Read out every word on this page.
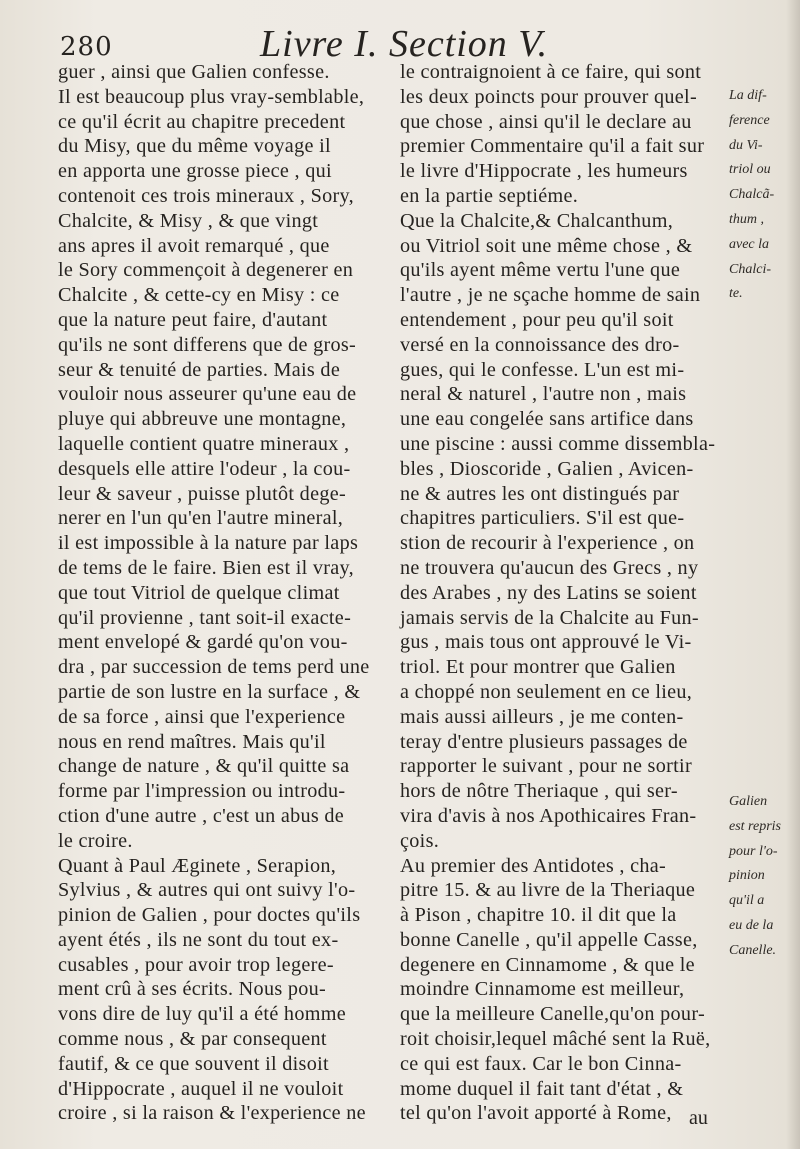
280	Livre I. Section V.
guer , ainsi que Galien confesse.
Il est beaucoup plus vray-semblable,
ce qu'il écrit au chapitre precedent
du Misy, que du même voyage il
en apporta une grosse piece , qui
contenoit ces trois mineraux , Sory,
Chalcite, & Misy , & que vingt
ans apres il avoit remarqué , que
le Sory commençoit à degenerer en
Chalcite , & cette-cy en Misy : ce
que la nature peut faire, d'autant
qu'ils ne sont differens que de gros-
seur & tenuité de parties. Mais de
vouloir nous asseurer qu'une eau de
pluye qui abbreuve une montagne,
laquelle contient quatre mineraux ,
desquels elle attire l'odeur , la cou-
leur & saveur , puisse plutôt dege-
nerer en l'un qu'en l'autre mineral,
il est impossible à la nature par laps
de tems de le faire. Bien est il vray,
que tout Vitriol de quelque climat
qu'il provienne , tant soit-il exacte-
ment envelopé & gardé qu'on vou-
dra , par succession de tems perd une
partie de son lustre en la surface , &
de sa force , ainsi que l'experience
nous en rend maîtres. Mais qu'il
change de nature , & qu'il quitte sa
forme par l'impression ou introdu-
ction d'une autre , c'est un abus de
le croire.
Quant à Paul Æginete , Serapion,
Sylvius , & autres qui ont suivy l'o-
pinion de Galien , pour doctes qu'ils
ayent étés , ils ne sont du tout ex-
cusables , pour avoir trop legere-
ment crû à ses écrits. Nous pou-
vons dire de luy qu'il a été homme
comme nous , & par consequent
fautif, & ce que souvent il disoit
d'Hippocrate , auquel il ne vouloit
croire , si la raison & l'experience ne
le contraignoient à ce faire, qui sont
les deux poincts pour prouver quel-
que chose , ainsi qu'il le declare au
premier Commentaire qu'il a fait sur
le livre d'Hippocrate , les humeurs
en la partie septiéme.
Que la Chalcite,& Chalcanthum,
ou Vitriol soit une même chose , &
qu'ils ayent même vertu l'une que
l'autre , je ne sçache homme de sain
entendement , pour peu qu'il soit
versé en la connoissance des dro-
gues, qui le confesse. L'un est mi-
neral & naturel , l'autre non , mais
une eau congelée sans artifice dans
une piscine : aussi comme dissembla-
bles , Dioscoride , Galien , Avicen-
ne & autres les ont distingués par
chapitres particuliers. S'il est que-
stion de recourir à l'experience , on
ne trouvera qu'aucun des Grecs , ny
des Arabes , ny des Latins se soient
jamais servis de la Chalcite au Fun-
gus , mais tous ont approuvé le Vi-
triol. Et pour montrer que Galien
a choppé non seulement en ce lieu,
mais aussi ailleurs , je me conten-
teray d'entre plusieurs passages de
rapporter le suivant , pour ne sortir
hors de nôtre Theriaque , qui ser-
vira d'avis à nos Apothicaires Fran-
çois.
Au premier des Antidotes , cha-
pitre 15. & au livre de la Theriaque
à Pison , chapitre 10. il dit que la
bonne Canelle , qu'il appelle Casse,
degenere en Cinnamome , & que le
moindre Cinnamome est meilleur,
que la meilleure Canelle,qu'on pour-
roit choisir,lequel mâché sent la Ruë,
ce qui est faux. Car le bon Cinna-
mome duquel il fait tant d'état , &
tel qu'on l'avoit apporté à Rome,
La dif-
ference
du Vi-
triol ou
Chalcã-
thum ,
avec la
Chalci-
te.
Galien
est repris
pour l'o-
pinion
qu'il a
eu de la
Canelle.
au
